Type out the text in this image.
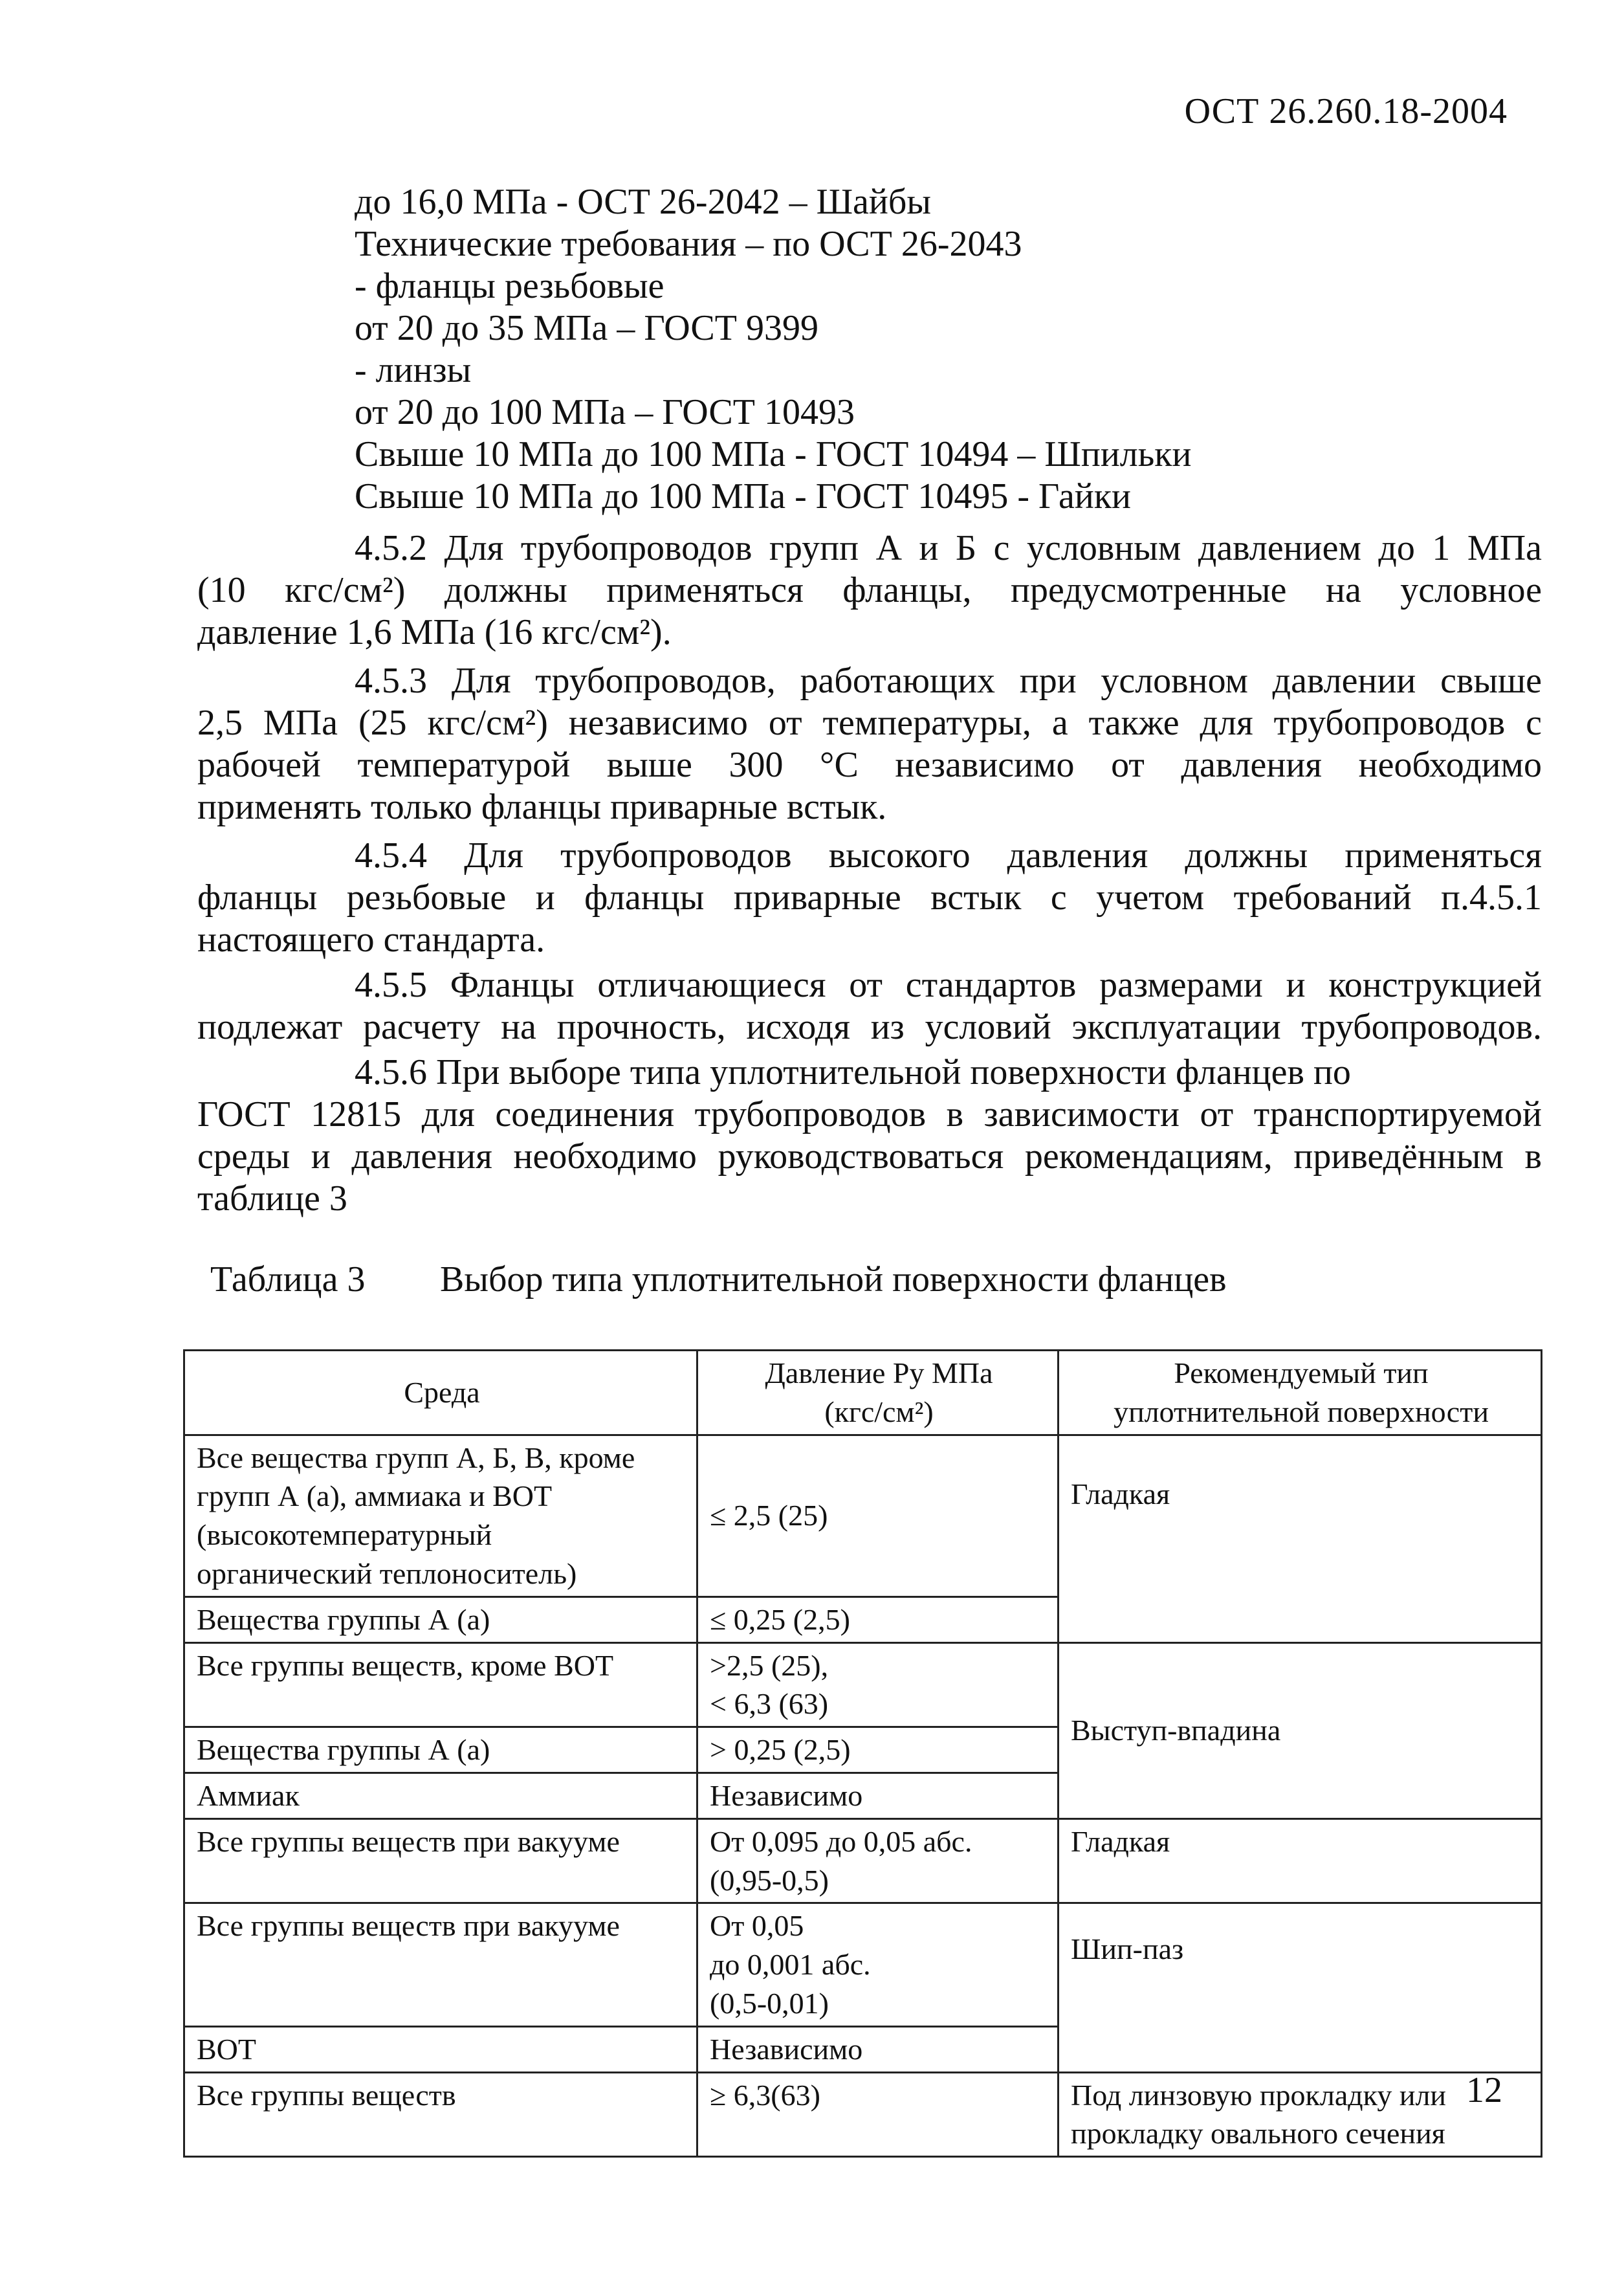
ОСТ 26.260.18-2004
до 16,0 МПа - ОСТ 26-2042 – Шайбы
Технические требования – по ОСТ 26-2043
- фланцы резьбовые
от 20 до 35 МПа – ГОСТ 9399
- линзы
от 20 до 100 МПа – ГОСТ 10493
Свыше 10 МПа до 100 МПа - ГОСТ 10494 – Шпильки
Свыше 10 МПа до 100 МПа - ГОСТ 10495 - Гайки
4.5.2 Для трубопроводов групп А и Б с условным давлением до 1 МПа
(10 кгс/см²) должны применяться фланцы, предусмотренные на условное
давление 1,6 МПа (16 кгс/см²).
4.5.3 Для трубопроводов, работающих при условном давлении свыше
2,5 МПа (25 кгс/см²) независимо от температуры, а также для трубопроводов с
рабочей температурой выше 300 °С независимо от давления необходимо
применять только фланцы приварные встык.
4.5.4 Для трубопроводов высокого давления должны применяться
фланцы резьбовые и фланцы приварные встык с учетом требований п.4.5.1
настоящего стандарта.
4.5.5 Фланцы отличающиеся от стандартов размерами и конструкцией
подлежат расчету на прочность, исходя из условий эксплуатации трубопроводов.
4.5.6 При выборе типа уплотнительной поверхности фланцев по
ГОСТ 12815 для соединения трубопроводов в зависимости от транспортируемой
среды и давления необходимо руководствоваться рекомендациям, приведённым в
таблице 3
Таблица 3 Выбор типа уплотнительной поверхности фланцев
Среда	Давление Ру МПа
(кгс/см²)	Рекомендуемый тип
уплотнительной поверхности
Все вещества групп А, Б, В, кроме
групп А (а), аммиака и ВОТ
(высокотемпературный
органический теплоноситель)	≤ 2,5 (25)	Гладкая
Вещества группы А (а)	≤ 0,25 (2,5)	
Все группы веществ, кроме ВОТ	>2,5 (25),
< 6,3 (63)	Выступ-впадина
Вещества группы А (а)	> 0,25 (2,5)	
Аммиак	Независимо	
Все группы веществ при вакууме	От 0,095 до 0,05 абс.
(0,95-0,5)	Гладкая
Все группы веществ при вакууме	От 0,05
до 0,001 абс.
(0,5-0,01)	Шип-паз
ВОТ	Независимо	
Все группы веществ	≥ 6,3(63)	Под линзовую прокладку или
прокладку овального сечения
12
